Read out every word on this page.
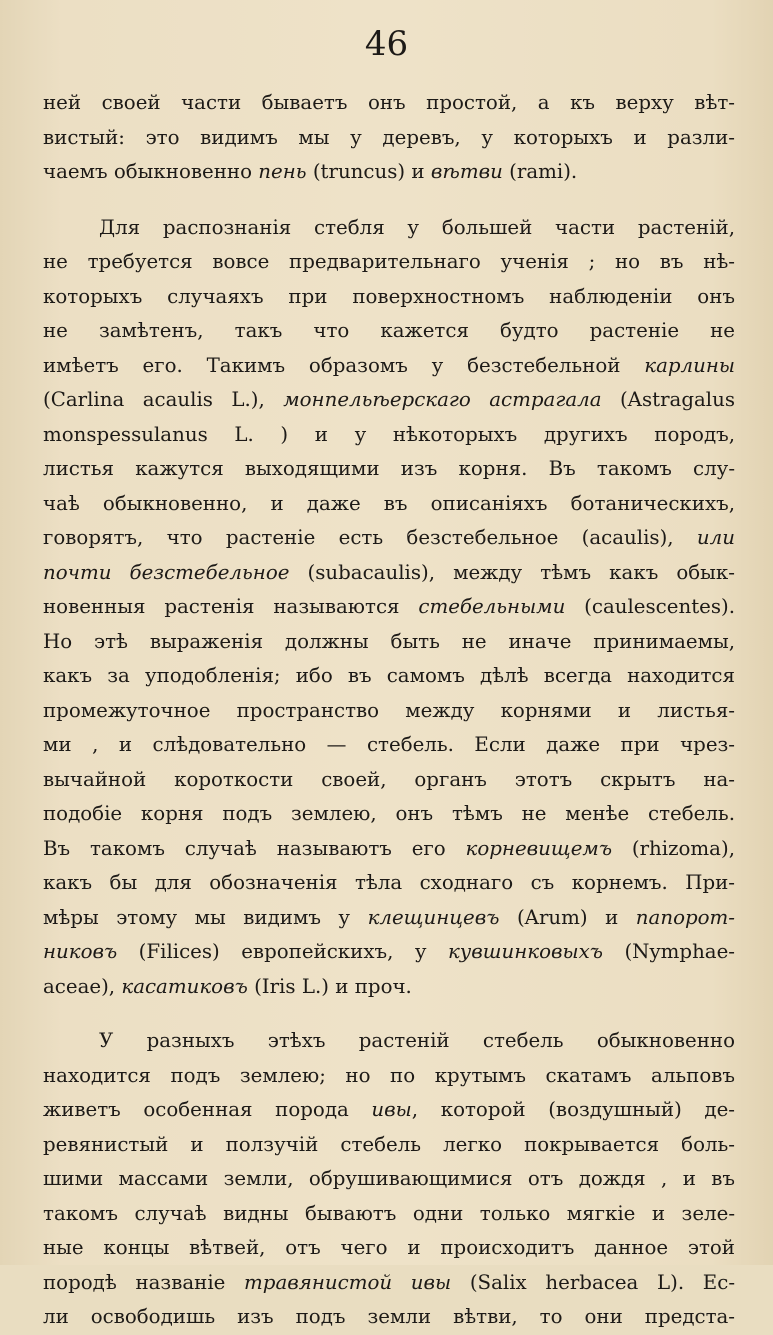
46
ней своей части бываетъ онъ простой, а къ верху вѣт-
вистый: это видимъ мы у деревъ, у которыхъ и разли-
чаемъ обыкновенно пень (truncus) и вѣтви (rami).
Для распознанія стебля у большей части растеній,
не требуется вовсе предварительнаго ученія ; но въ нѣ-
которыхъ случаяхъ при поверхностномъ наблюденіи онъ
не замѣтенъ, такъ что кажется будто растеніе не
имѣетъ его. Такимъ образомъ у безстебельной карлины
(Carlina acaulis L.), монпельѣерскаго астрагала (Astragalus
monspessulanus L. ) и у нѣкоторыхъ другихъ породъ,
листья кажутся выходящими изъ корня. Въ такомъ слу-
чаѣ обыкновенно, и даже въ описаніяхъ ботаническихъ,
говорятъ, что растеніе есть безстебельное (acaulis), или
почти безстебельное (subacaulis), между тѣмъ какъ обык-
новенныя растенія называются стебельными (caulescentes).
Но этѣ выраженія должны быть не иначе принимаемы,
какъ за уподобленія; ибо въ самомъ дѣлѣ всегда находится
промежуточное пространство между корнями и листья-
ми , и слѣдовательно — стебель. Если даже при чрез-
вычайной короткости своей, органъ этотъ скрытъ на-
подобіе корня подъ землею, онъ тѣмъ не менѣе стебель.
Въ такомъ случаѣ называютъ его корневищемъ (rhizoma),
какъ бы для обозначенія тѣла сходнаго съ корнемъ. При-
мѣры этому мы видимъ у клещинцевъ (Arum) и папорот-
никовъ (Filices) европейскихъ, у кувшинковыхъ (Nymphae-
aceae), касатиковъ (Iris L.) и проч.
У разныхъ этѣхъ растеній стебель обыкновенно
находится подъ землею; но по крутымъ скатамъ альповъ
живетъ особенная порода ивы, которой (воздушный) де-
ревянистый и ползучій стебель легко покрывается боль-
шими массами земли, обрушивающимися отъ дождя , и въ
такомъ случаѣ видны бываютъ одни только мягкіе и зеле-
ные концы вѣтвей, отъ чего и происходитъ данное этой
породѣ названіе травянистой ивы (Salix herbacea L). Ес-
ли освободишь изъ подъ земли вѣтви, то они предста-
